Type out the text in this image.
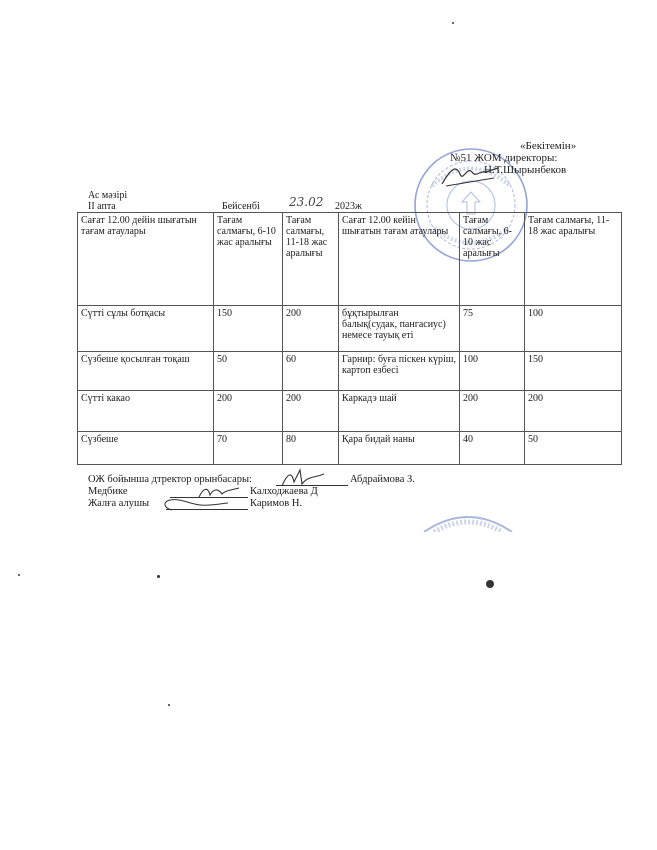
«Бекітемін»
№51 ЖОМ директоры:
Н.Т.Шырынбеков
Ас мәзірі
II апта	Бейсенбі 23.02 2023ж
Сағат 12.00 дейін шығатын тағам атаулары	Тағам салмағы, 6-10 жас аралығы	Тағам салмағы, 11-18 жас аралығы	Сағат 12.00 кейін шығатын тағам атаулары	Тағам салмағы, 6-10 жас аралығы	Тағам салмағы, 11-18 жас аралығы
Сүтті сұлы ботқасы	150	200	бұқтырылған балық(судак, пангасиус) немесе тауық еті	75	100
Сүзбеше қосылған тоқаш	50	60	Гарнир: буға піскен күріш, картоп езбесі	100	150
Сүтті какао	200	200	Каркадэ шай	200	200
Сүзбеше	70	80	Қара бидай наны	40	50
ОЖ бойынша дтректор орынбасары:	Абдраймова З.
Медбике	Калходжаева Д
Жалға алушы	Каримов Н.
